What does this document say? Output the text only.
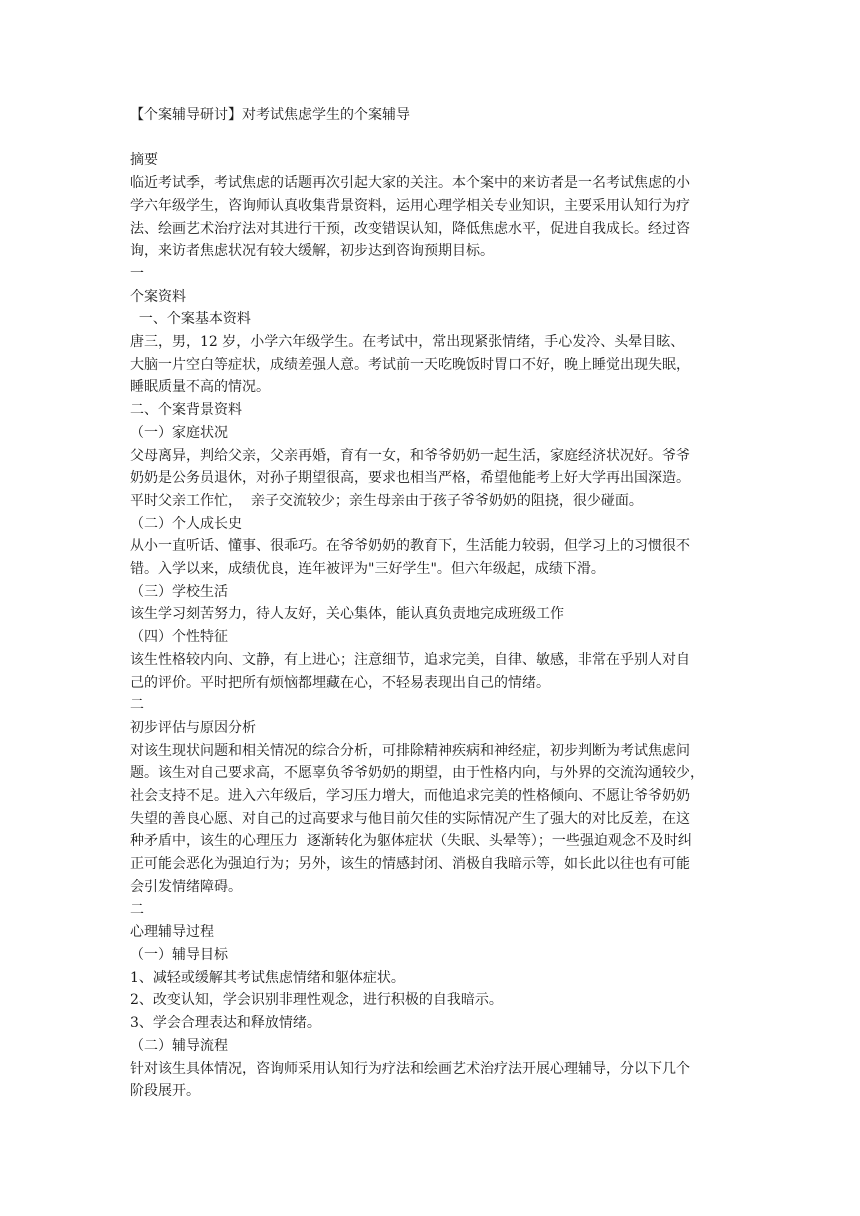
【个案辅导研讨】对考试焦虑学生的个案辅导

摘要

临近考试季，考试焦虑的话题再次引起大家的关注。本个案中的来访者是一名考试焦虑的小

学六年级学生，咨询师认真收集背景资料，运用心理学相关专业知识，主要采用认知行为疗

法、绘画艺术治疗法对其进行干预，改变错误认知，降低焦虑水平，促进自我成长。经过咨

询，来访者焦虑状况有较大缓解，初步达到咨询预期目标。

一

个案资料

一、个案基本资料

唐三，男，12 岁，小学六年级学生。在考试中，常出现紧张情绪，手心发冷、头晕目眩、

大脑一片空白等症状，成绩差强人意。考试前一天吃晚饭时胃口不好，晚上睡觉出现失眠，

睡眠质量不高的情况。

二、个案背景资料

（一）家庭状况

父母离异，判给父亲，父亲再婚，育有一女，和爷爷奶奶一起生活，家庭经济状况好。爷爷

奶奶是公务员退休，对孙子期望很高，要求也相当严格，希望他能考上好大学再出国深造。

平时父亲工作忙，  亲子交流较少；亲生母亲由于孩子爷爷奶奶的阻挠，很少碰面。

（二）个人成长史

从小一直听话、懂事、很乖巧。在爷爷奶奶的教育下，生活能力较弱，但学习上的习惯很不

错。入学以来，成绩优良，连年被评为"三好学生"。但六年级起，成绩下滑。

（三）学校生活

该生学习刻苦努力，待人友好，关心集体，能认真负责地完成班级工作

（四）个性特征

该生性格较内向、文静，有上进心；注意细节，追求完美，自律、敏感，非常在乎别人对自

己的评价。平时把所有烦恼都埋藏在心，不轻易表现出自己的情绪。

二

初步评估与原因分析

对该生现状问题和相关情况的综合分析，可排除精神疾病和神经症，初步判断为考试焦虑问

题。该生对自己要求高，不愿辜负爷爷奶奶的期望，由于性格内向，与外界的交流沟通较少，

社会支持不足。进入六年级后，学习压力增大，而他追求完美的性格倾向、不愿让爷爷奶奶

失望的善良心愿、对自己的过高要求与他目前欠佳的实际情况产生了强大的对比反差，在这

种矛盾中，该生的心理压力  逐渐转化为躯体症状（失眠、头晕等）；一些强迫观念不及时纠

正可能会恶化为强迫行为；另外，该生的情感封闭、消极自我暗示等，如长此以往也有可能

会引发情绪障碍。

二

心理辅导过程

（一）辅导目标

1、减轻或缓解其考试焦虑情绪和躯体症状。

2、改变认知，学会识别非理性观念，进行积极的自我暗示。

3、学会合理表达和释放情绪。

（二）辅导流程

针对该生具体情况，咨询师采用认知行为疗法和绘画艺术治疗法开展心理辅导，分以下几个

阶段展开。
